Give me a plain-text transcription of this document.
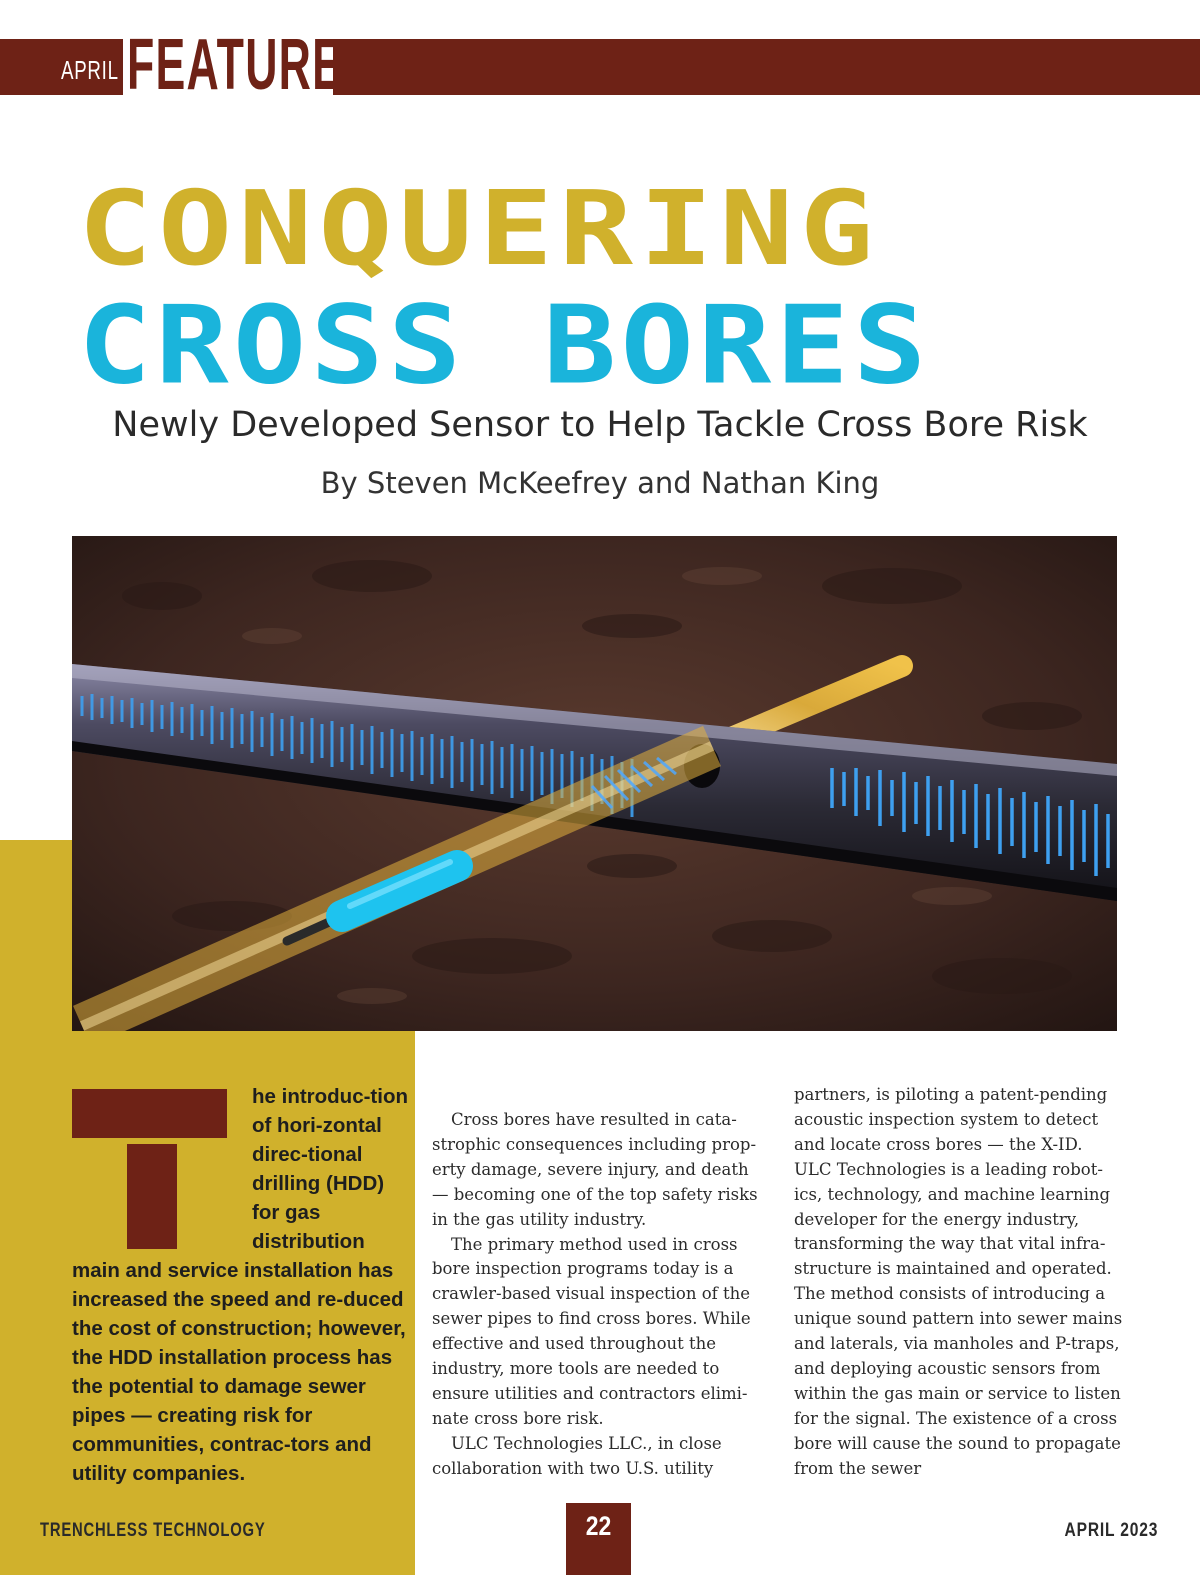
APRIL FEATURE
CONQUERING
CROSS BORES
Newly Developed Sensor to Help Tackle Cross Bore Risk
By Steven McKeefrey and Nathan King
he introduc-tion of hori-zontal direc-tional drilling (HDD) for gas distribution
main and service installation has increased the speed and re-duced the cost of construction; however, the HDD installation process has the potential to damage sewer pipes — creating risk for communities, contrac-tors and utility companies.

Cross bores have resulted in cata-strophic consequences including prop-erty damage, severe injury, and death — becoming one of the top safety risks in the gas utility industry.

The primary method used in cross bore inspection programs today is a crawler-based visual inspection of the sewer pipes to find cross bores. While effective and used throughout the industry, more tools are needed to ensure utilities and contractors elimi-nate cross bore risk.

ULC Technologies LLC., in close collaboration with two U.S. utility

partners, is piloting a patent-pending acoustic inspection system to detect and locate cross bores — the X-ID. ULC Technologies is a leading robot-ics, technology, and machine learning developer for the energy industry, transforming the way that vital infra-structure is maintained and operated. The method consists of introducing a unique sound pattern into sewer mains and laterals, via manholes and P-traps, and deploying acoustic sensors from within the gas main or service to listen for the signal. The existence of a cross bore will cause the sound to propagate from the sewer

TRENCHLESS TECHNOLOGY	22	APRIL 2023
